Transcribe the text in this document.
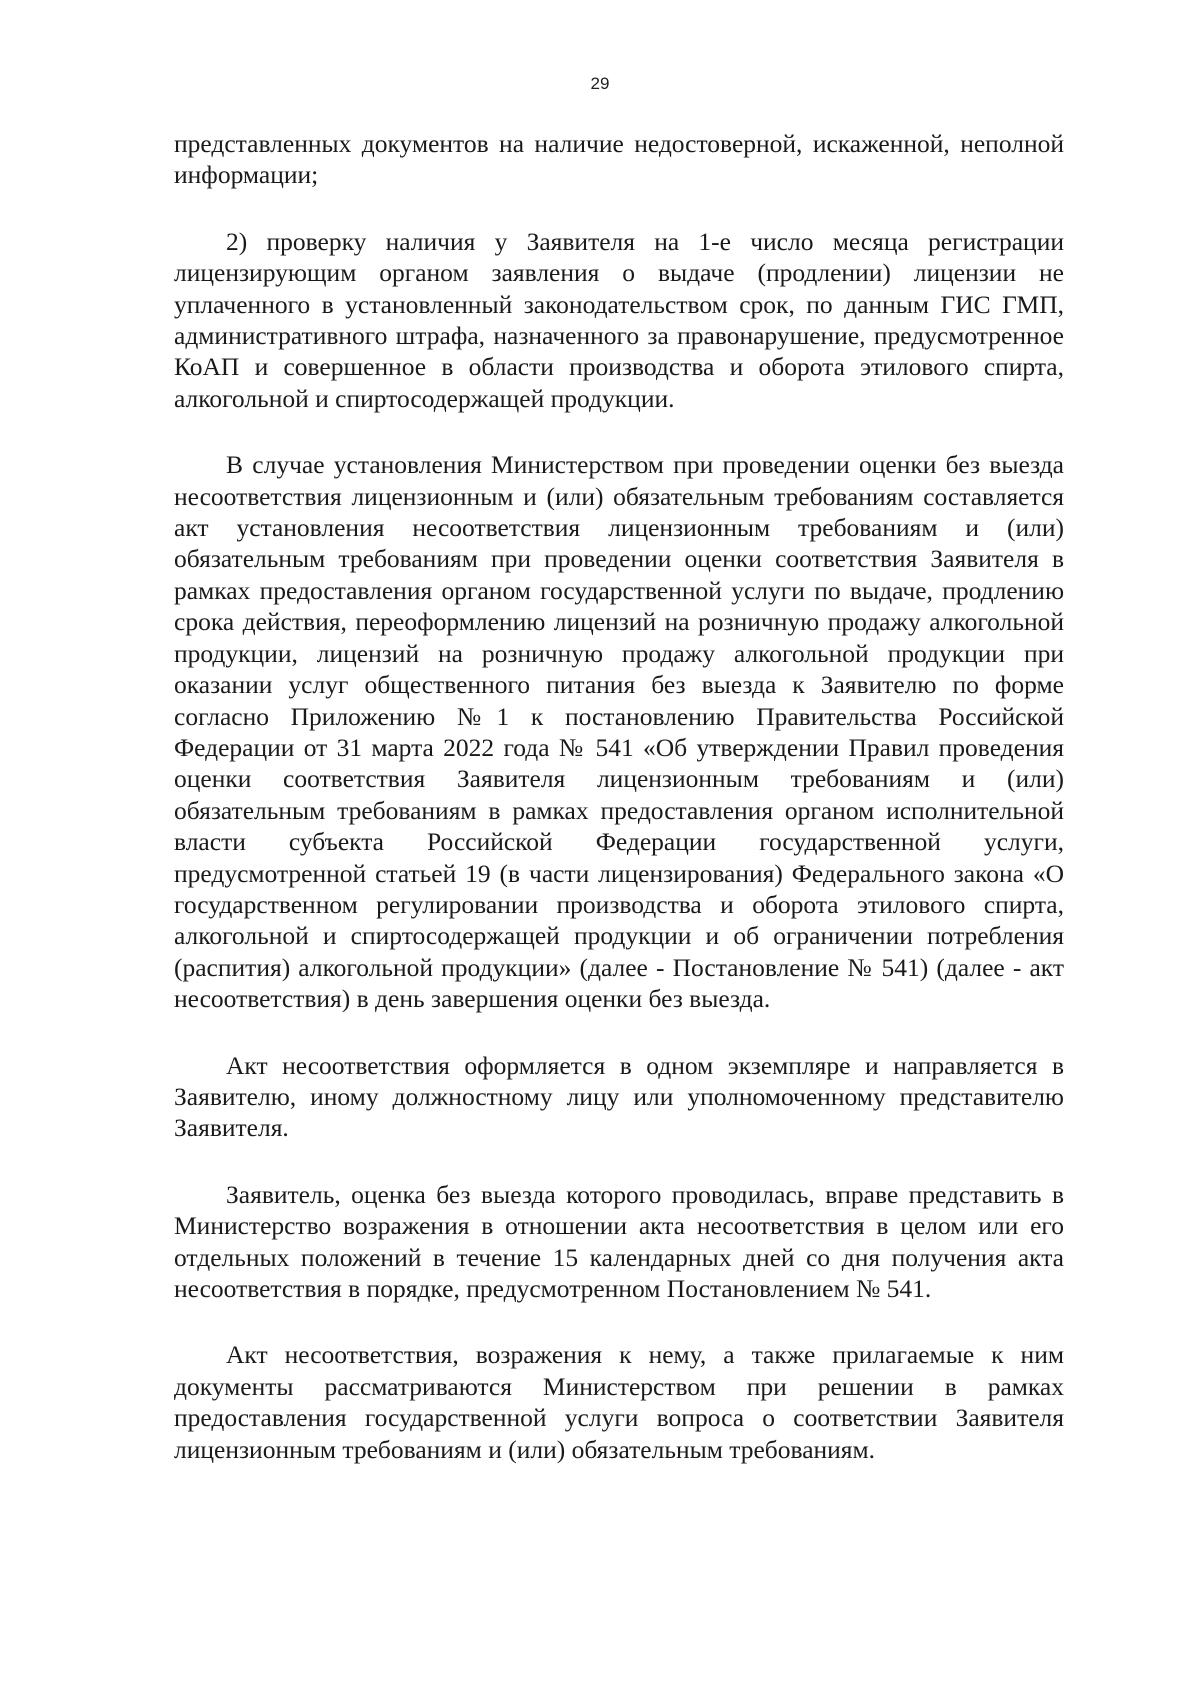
29

представленных документов на наличие недостоверной, искаженной, неполной информации;

2) проверку наличия у Заявителя на 1-е число месяца регистрации лицензирующим органом заявления о выдаче (продлении) лицензии не уплаченного в установленный законодательством срок, по данным ГИС ГМП, административного штрафа, назначенного за правонарушение, предусмотренное КоАП и совершенное в области производства и оборота этилового спирта, алкогольной и спиртосодержащей продукции.

В случае установления Министерством при проведении оценки без выезда несоответствия лицензионным и (или) обязательным требованиям составляется акт установления несоответствия лицензионным требованиям и (или) обязательным требованиям при проведении оценки соответствия Заявителя в рамках предоставления органом государственной услуги по выдаче, продлению срока действия, переоформлению лицензий на розничную продажу алкогольной продукции, лицензий на розничную продажу алкогольной продукции при оказании услуг общественного питания без выезда к Заявителю по форме согласно Приложению №1 к постановлению Правительства Российской Федерации от 31 марта 2022 года № 541 «Об утверждении Правил проведения оценки соответствия Заявителя лицензионным требованиям и (или) обязательным требованиям в рамках предоставления органом исполнительной власти субъекта Российской Федерации государственной услуги, предусмотренной статьей 19 (в части лицензирования) Федерального закона «О государственном регулировании производства и оборота этилового спирта, алкогольной и спиртосодержащей продукции и об ограничении потребления (распития) алкогольной продукции» (далее - Постановление № 541) (далее - акт несоответствия) в день завершения оценки без выезда.

Акт несоответствия оформляется в одном экземпляре и направляется в Заявителю, иному должностному лицу или уполномоченному представителю Заявителя.

Заявитель, оценка без выезда которого проводилась, вправе представить в Министерство возражения в отношении акта несоответствия в целом или его отдельных положений в течение 15 календарных дней со дня получения акта несоответствия в порядке, предусмотренном Постановлением № 541.

Акт несоответствия, возражения к нему, а также прилагаемые к ним документы рассматриваются Министерством при решении в рамках предоставления государственной услуги вопроса о соответствии Заявителя лицензионным требованиям и (или) обязательным требованиям.
